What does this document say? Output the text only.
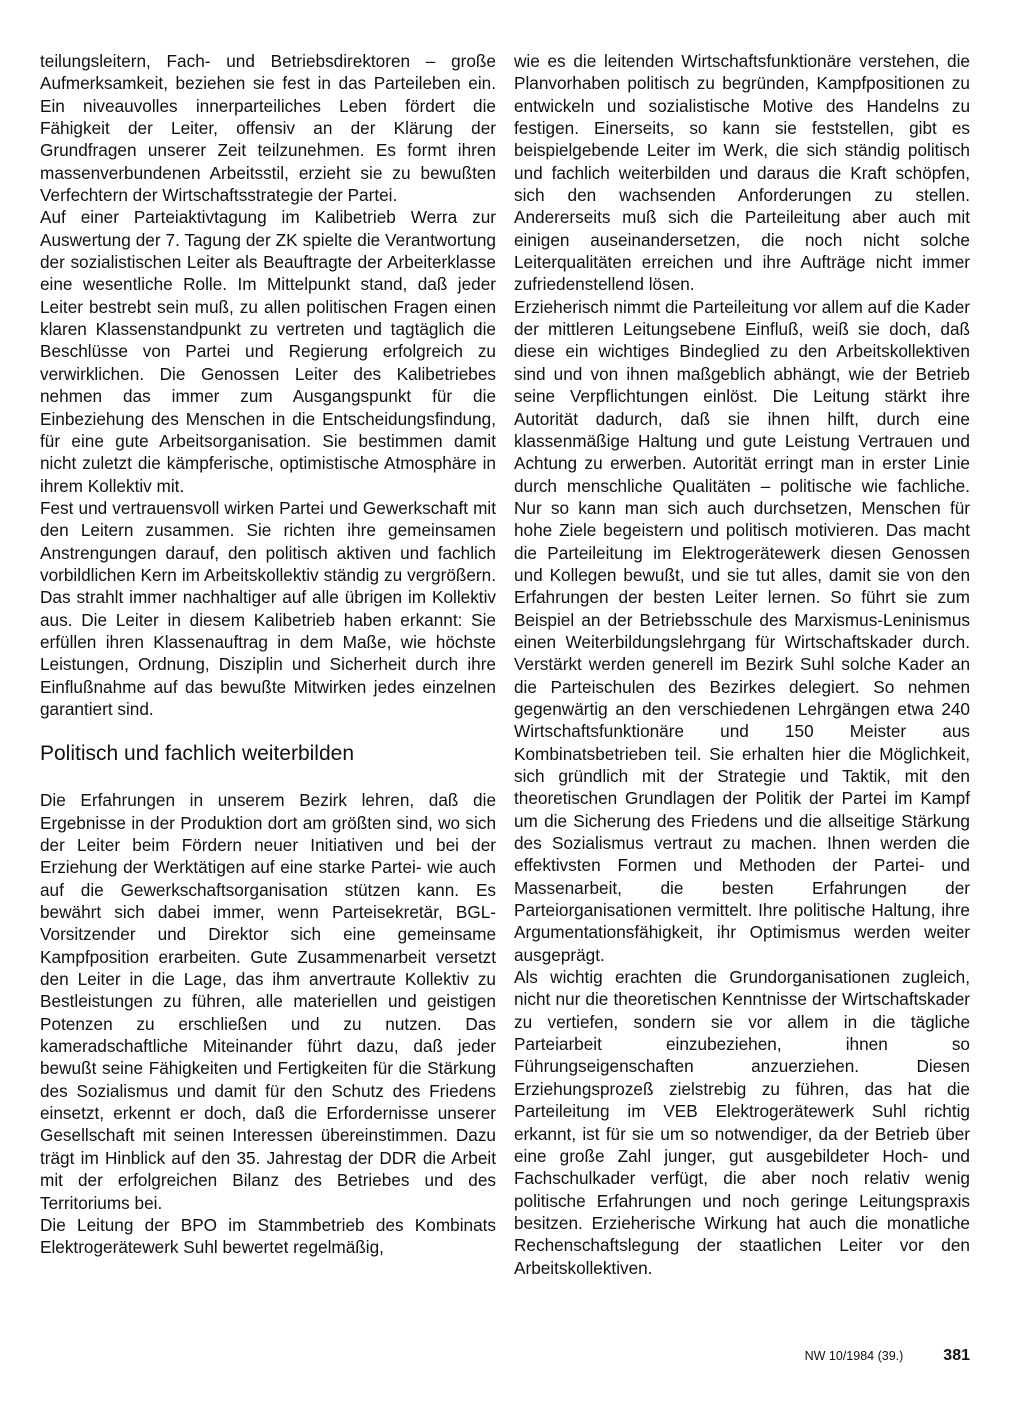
teilungsleitern, Fach- und Betriebsdirektoren – große Aufmerksamkeit, beziehen sie fest in das Parteileben ein. Ein niveauvolles innerparteiliches Leben fördert die Fähigkeit der Leiter, offensiv an der Klärung der Grundfragen unserer Zeit teilzunehmen. Es formt ihren massenverbundenen Arbeitsstil, erzieht sie zu bewußten Verfechtern der Wirtschaftsstrategie der Partei.

Auf einer Parteiaktivtagung im Kalibetrieb Werra zur Auswertung der 7. Tagung der ZK spielte die Verantwortung der sozialistischen Leiter als Beauftragte der Arbeiterklasse eine wesentliche Rolle. Im Mittelpunkt stand, daß jeder Leiter bestrebt sein muß, zu allen politischen Fragen einen klaren Klassenstandpunkt zu vertreten und tagtäglich die Beschlüsse von Partei und Regierung erfolgreich zu verwirklichen. Die Genossen Leiter des Kalibetriebes nehmen das immer zum Ausgangspunkt für die Einbeziehung des Menschen in die Entscheidungsfindung, für eine gute Arbeitsorganisation. Sie bestimmen damit nicht zuletzt die kämpferische, optimistische Atmosphäre in ihrem Kollektiv mit.

Fest und vertrauensvoll wirken Partei und Gewerkschaft mit den Leitern zusammen. Sie richten ihre gemeinsamen Anstrengungen darauf, den politisch aktiven und fachlich vorbildlichen Kern im Arbeitskollektiv ständig zu vergrößern. Das strahlt immer nachhaltiger auf alle übrigen im Kollektiv aus. Die Leiter in diesem Kalibetrieb haben erkannt: Sie erfüllen ihren Klassenauftrag in dem Maße, wie höchste Leistungen, Ordnung, Disziplin und Sicherheit durch ihre Einflußnahme auf das bewußte Mitwirken jedes einzelnen garantiert sind.

Politisch und fachlich weiterbilden

Die Erfahrungen in unserem Bezirk lehren, daß die Ergebnisse in der Produktion dort am größten sind, wo sich der Leiter beim Fördern neuer Initiativen und bei der Erziehung der Werktätigen auf eine starke Partei- wie auch auf die Gewerkschaftsorganisation stützen kann. Es bewährt sich dabei immer, wenn Parteisekretär, BGL-Vorsitzender und Direktor sich eine gemeinsame Kampfposition erarbeiten. Gute Zusammenarbeit versetzt den Leiter in die Lage, das ihm anvertraute Kollektiv zu Bestleistungen zu führen, alle materiellen und geistigen Potenzen zu erschließen und zu nutzen. Das kameradschaftliche Miteinander führt dazu, daß jeder bewußt seine Fähigkeiten und Fertigkeiten für die Stärkung des Sozialismus und damit für den Schutz des Friedens einsetzt, erkennt er doch, daß die Erfordernisse unserer Gesellschaft mit seinen Interessen übereinstimmen. Dazu trägt im Hinblick auf den 35. Jahrestag der DDR die Arbeit mit der erfolgreichen Bilanz des Betriebes und des Territoriums bei.

Die Leitung der BPO im Stammbetrieb des Kombinats Elektrogerätewerk Suhl bewertet regelmäßig,

wie es die leitenden Wirtschaftsfunktionäre verstehen, die Planvorhaben politisch zu begründen, Kampfpositionen zu entwickeln und sozialistische Motive des Handelns zu festigen. Einerseits, so kann sie feststellen, gibt es beispielgebende Leiter im Werk, die sich ständig politisch und fachlich weiterbilden und daraus die Kraft schöpfen, sich den wachsenden Anforderungen zu stellen. Andererseits muß sich die Parteileitung aber auch mit einigen auseinandersetzen, die noch nicht solche Leiterqualitäten erreichen und ihre Aufträge nicht immer zufriedenstellend lösen.

Erzieherisch nimmt die Parteileitung vor allem auf die Kader der mittleren Leitungsebene Einfluß, weiß sie doch, daß diese ein wichtiges Bindeglied zu den Arbeitskollektiven sind und von ihnen maßgeblich abhängt, wie der Betrieb seine Verpflichtungen einlöst. Die Leitung stärkt ihre Autorität dadurch, daß sie ihnen hilft, durch eine klassenmäßige Haltung und gute Leistung Vertrauen und Achtung zu erwerben. Autorität erringt man in erster Linie durch menschliche Qualitäten – politische wie fachliche. Nur so kann man sich auch durchsetzen, Menschen für hohe Ziele begeistern und politisch motivieren. Das macht die Parteileitung im Elektrogerätewerk diesen Genossen und Kollegen bewußt, und sie tut alles, damit sie von den Erfahrungen der besten Leiter lernen. So führt sie zum Beispiel an der Betriebsschule des Marxismus-Leninismus einen Weiterbildungslehrgang für Wirtschaftskader durch. Verstärkt werden generell im Bezirk Suhl solche Kader an die Parteischulen des Bezirkes delegiert. So nehmen gegenwärtig an den verschiedenen Lehrgängen etwa 240 Wirtschaftsfunktionäre und 150 Meister aus Kombinatsbetrieben teil. Sie erhalten hier die Möglichkeit, sich gründlich mit der Strategie und Taktik, mit den theoretischen Grundlagen der Politik der Partei im Kampf um die Sicherung des Friedens und die allseitige Stärkung des Sozialismus vertraut zu machen. Ihnen werden die effektivsten Formen und Methoden der Partei- und Massenarbeit, die besten Erfahrungen der Parteiorganisationen vermittelt. Ihre politische Haltung, ihre Argumentationsfähigkeit, ihr Optimismus werden weiter ausgeprägt.

Als wichtig erachten die Grundorganisationen zugleich, nicht nur die theoretischen Kenntnisse der Wirtschaftskader zu vertiefen, sondern sie vor allem in die tägliche Parteiarbeit einzubeziehen, ihnen so Führungseigenschaften anzuerziehen. Diesen Erziehungsprozeß zielstrebig zu führen, das hat die Parteileitung im VEB Elektrogerätewerk Suhl richtig erkannt, ist für sie um so notwendiger, da der Betrieb über eine große Zahl junger, gut ausgebildeter Hoch- und Fachschulkader verfügt, die aber noch relativ wenig politische Erfahrungen und noch geringe Leitungspraxis besitzen. Erzieherische Wirkung hat auch die monatliche Rechenschaftslegung der staatlichen Leiter vor den Arbeitskollektiven.

NW 10/1984 (39.)	381
